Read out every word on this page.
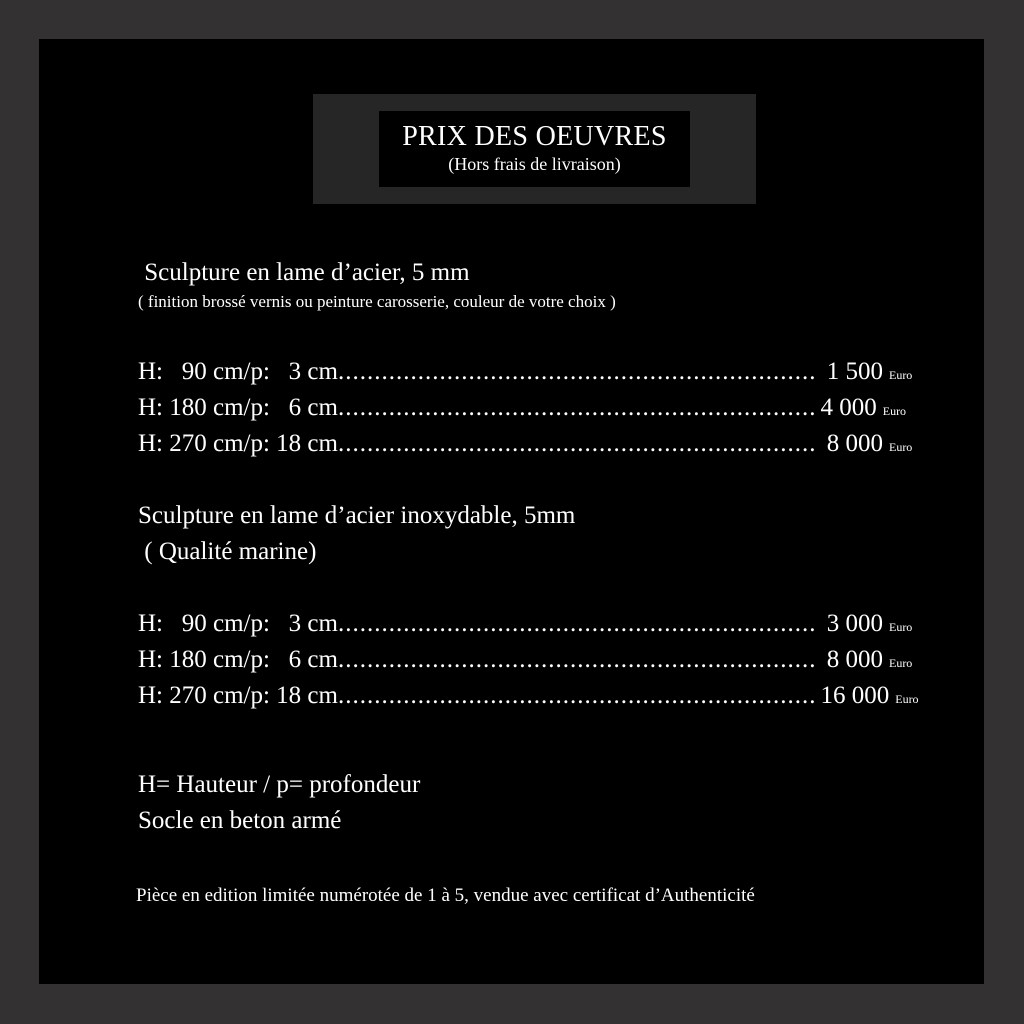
PRIX DES OEUVRES
(Hors frais de livraison)
Sculpture en lame d’acier, 5 mm
( finition brossé vernis ou peinture carosserie, couleur de votre choix )
H:   90 cm/p:   3 cm .................................................................. 1 500 Euro
H: 180 cm/p:   6 cm .................................................................. 4 000 Euro
H: 270 cm/p: 18 cm .................................................................. 8 000 Euro
Sculpture en lame d’acier inoxydable, 5mm
( Qualité marine)
H:   90 cm/p:   3 cm .................................................................. 3 000 Euro
H: 180 cm/p:   6 cm .................................................................. 8 000 Euro
H: 270 cm/p: 18 cm .................................................................. 16 000 Euro
H= Hauteur / p= profondeur
Socle en beton armé
Pièce en edition limitée numérotée de 1 à 5, vendue avec certificat d’Authenticité
